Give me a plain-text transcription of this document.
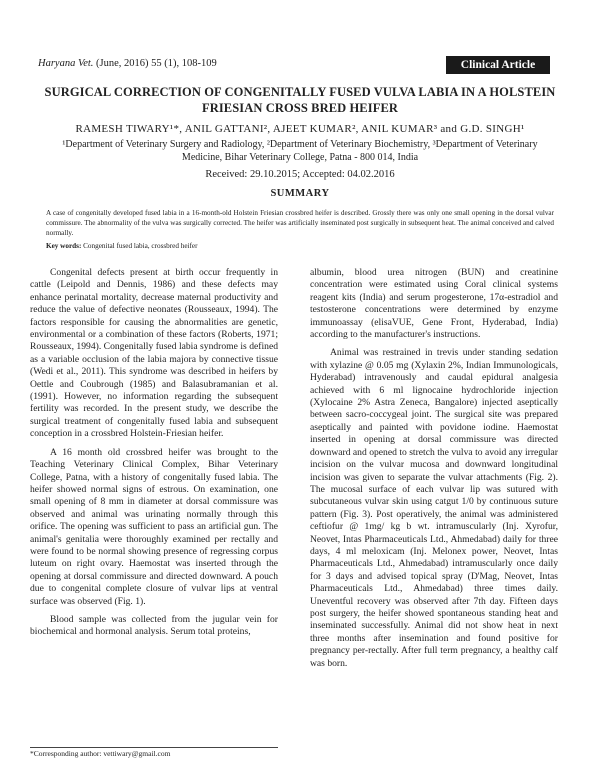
Haryana Vet. (June, 2016) 55 (1), 108-109	Clinical Article
SURGICAL CORRECTION OF CONGENITALLY FUSED VULVA LABIA IN A HOLSTEIN FRIESIAN CROSS BRED HEIFER
RAMESH TIWARY¹*, ANIL GATTANI², AJEET KUMAR², ANIL KUMAR³ and G.D. SINGH¹
¹Department of Veterinary Surgery and Radiology, ²Department of Veterinary Biochemistry, ³Department of Veterinary Medicine, Bihar Veterinary College, Patna - 800 014, India
Received: 29.10.2015; Accepted: 04.02.2016
SUMMARY
A case of congenitally developed fused labia in a 16-month-old Holstein Friesian crossbred heifer is described. Grossly there was only one small opening in the dorsal vulvar commissure. The abnormality of the vulva was surgically corrected. The heifer was artificially inseminated post surgically in subsequent heat. The animal conceived and calved normally.
Key words: Congenital fused labia, crossbred heifer

Congenital defects present at birth occur frequently in cattle (Leipold and Dennis, 1986) and these defects may enhance perinatal mortality, decrease maternal productivity and reduce the value of defective neonates (Rousseaux, 1994). The factors responsible for causing the abnormalities are genetic, environmental or a combination of these factors (Roberts, 1971; Rousseaux, 1994). Congenitally fused labia syndrome is defined as a variable occlusion of the labia majora by connective tissue (Wedi et al., 2011). This syndrome was described in heifers by Oettle and Coubrough (1985) and Balasubramanian et al. (1991). However, no information regarding the subsequent fertility was recorded. In the present study, we describe the surgical treatment of congenitally fused labia and subsequent conception in a crossbred Holstein-Friesian heifer.

A 16 month old crossbred heifer was brought to the Teaching Veterinary Clinical Complex, Bihar Veterinary College, Patna, with a history of congenitally fused labia. The heifer showed normal signs of estrous. On examination, one small opening of 8 mm in diameter at dorsal commissure was observed and animal was urinating normally through this orifice. The opening was sufficient to pass an artificial gun. The animal's genitalia were thoroughly examined per rectally and were found to be normal showing presence of regressing corpus luteum on right ovary. Haemostat was inserted through the opening at dorsal commissure and directed downward. A pouch due to congenital complete closure of vulvar lips at ventral surface was observed (Fig. 1).

Blood sample was collected from the jugular vein for biochemical and hormonal analysis. Serum total proteins,

albumin, blood urea nitrogen (BUN) and creatinine concentration were estimated using Coral clinical systems reagent kits (India) and serum progesterone, 17α-estradiol and testosterone concentrations were determined by enzyme immunoassay (elisaVUE, Gene Front, Hyderabad, India) according to the manufacturer's instructions.

Animal was restrained in trevis under standing sedation with xylazine @ 0.05 mg (Xylaxin 2%, Indian Immunologicals, Hyderabad) intravenously and caudal epidural analgesia achieved with 6 ml lignocaine hydrochloride injection (Xylocaine 2% Astra Zeneca, Bangalore) injected aseptically between sacro-coccygeal joint. The surgical site was prepared aseptically and painted with povidone iodine. Haemostat inserted in opening at dorsal commissure was directed downward and opened to stretch the vulva to avoid any irregular incision on the vulvar mucosa and downward longitudinal incision was given to separate the vulvar attachments (Fig. 2). The mucosal surface of each vulvar lip was sutured with subcutaneous vulvar skin using catgut 1/0 by continuous suture pattern (Fig. 3). Post operatively, the animal was administered ceftiofur @ 1mg/ kg b wt. intramuscularly (Inj. Xyrofur, Neovet, Intas Pharmaceuticals Ltd., Ahmedabad) daily for three days, 4 ml meloxicam (Inj. Melonex power, Neovet, Intas Pharmaceuticals Ltd., Ahmedabad) intramuscularly once daily for 3 days and advised topical spray (D'Mag, Neovet, Intas Pharmaceuticals Ltd., Ahmedabad) three times daily. Uneventful recovery was observed after 7th day. Fifteen days post surgery, the heifer showed spontaneous standing heat and inseminated successfully. Animal did not show heat in next three months after insemination and found positive for pregnancy per-rectally. After full term pregnancy, a healthy calf was born.

*Corresponding author: vettiwary@gmail.com
